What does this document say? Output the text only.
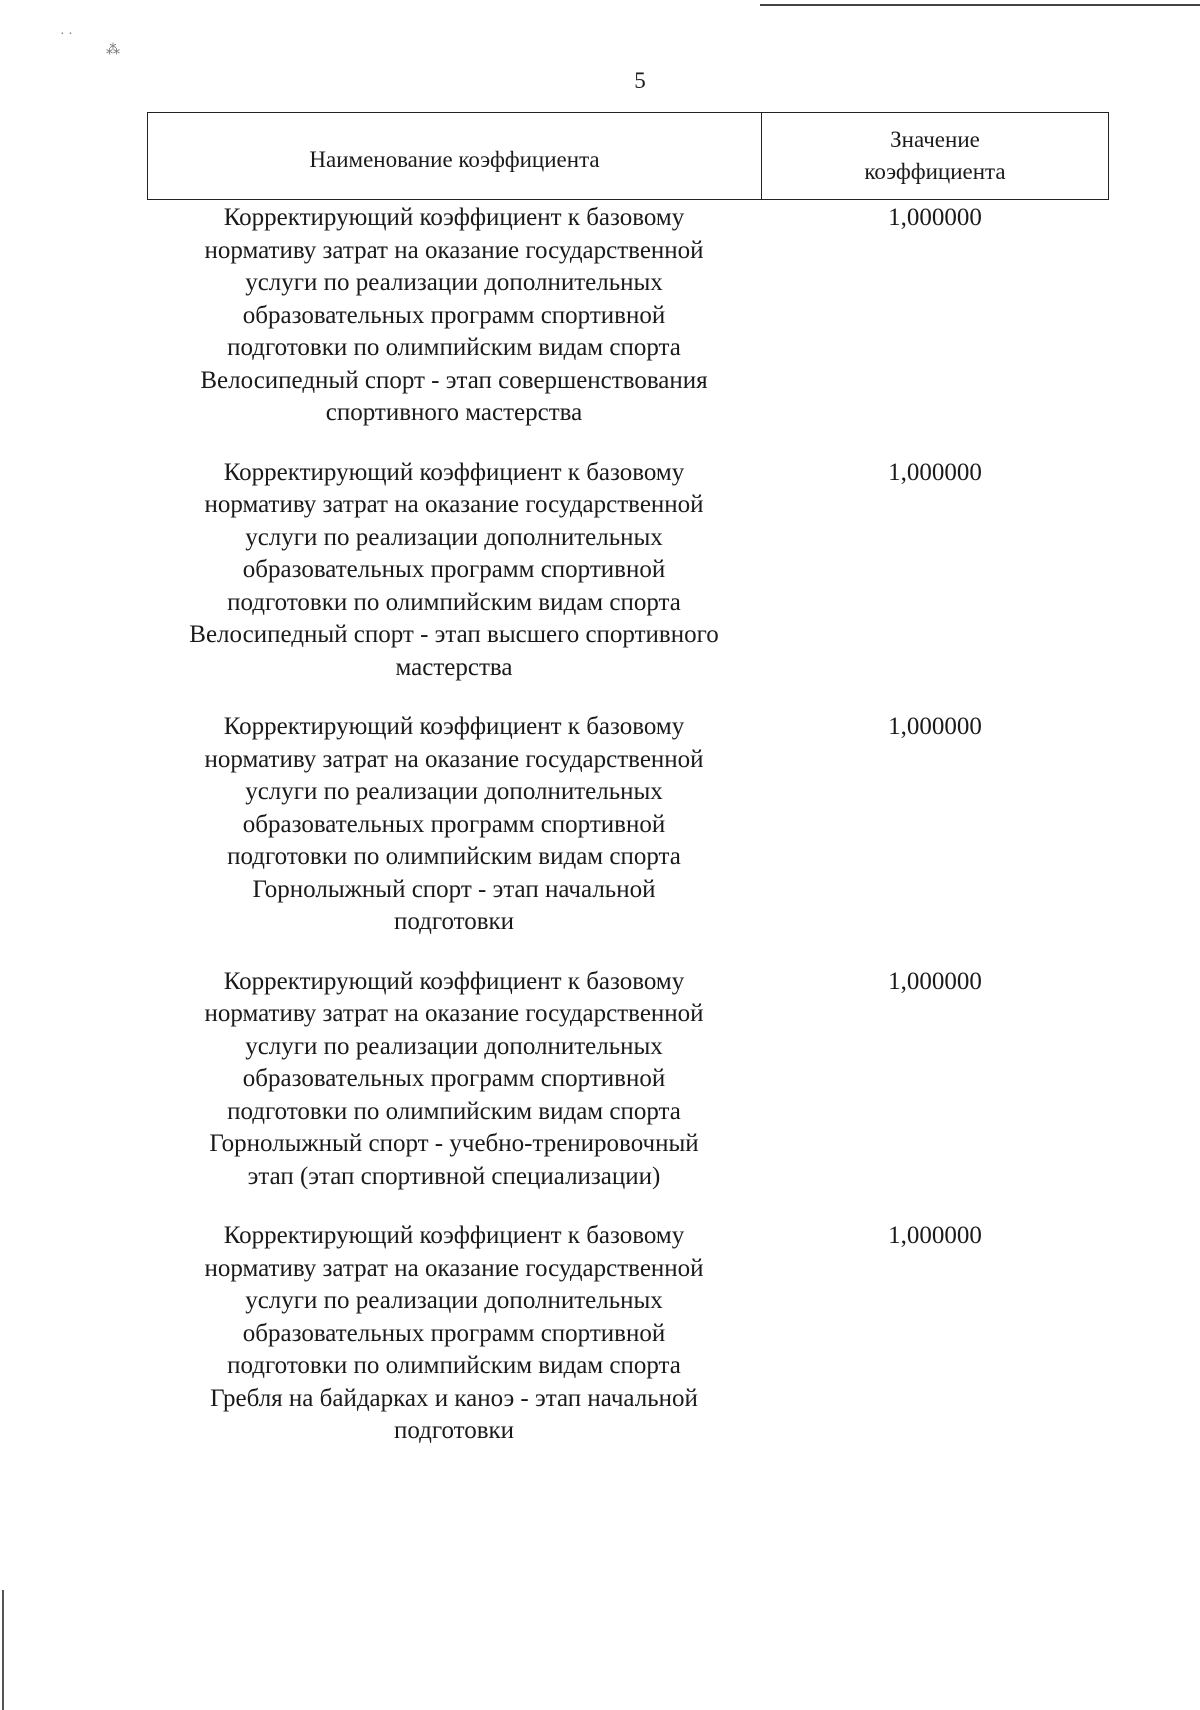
· ·
⁂
5
Наименование коэффициента
Значение
коэффициента
Корректирующий коэффициент к базовому
нормативу затрат на оказание государственной
услуги по реализации дополнительных
образовательных программ спортивной
подготовки по олимпийским видам спорта
Велосипедный спорт - этап совершенствования
спортивного мастерства
1,000000
Корректирующий коэффициент к базовому
нормативу затрат на оказание государственной
услуги по реализации дополнительных
образовательных программ спортивной
подготовки по олимпийским видам спорта
Велосипедный спорт - этап высшего спортивного
мастерства
1,000000
Корректирующий коэффициент к базовому
нормативу затрат на оказание государственной
услуги по реализации дополнительных
образовательных программ спортивной
подготовки по олимпийским видам спорта
Горнолыжный спорт - этап начальной
подготовки
1,000000
Корректирующий коэффициент к базовому
нормативу затрат на оказание государственной
услуги по реализации дополнительных
образовательных программ спортивной
подготовки по олимпийским видам спорта
Горнолыжный спорт - учебно-тренировочный
этап (этап спортивной специализации)
1,000000
Корректирующий коэффициент к базовому
нормативу затрат на оказание государственной
услуги по реализации дополнительных
образовательных программ спортивной
подготовки по олимпийским видам спорта
Гребля на байдарках и каноэ - этап начальной
подготовки
1,000000
